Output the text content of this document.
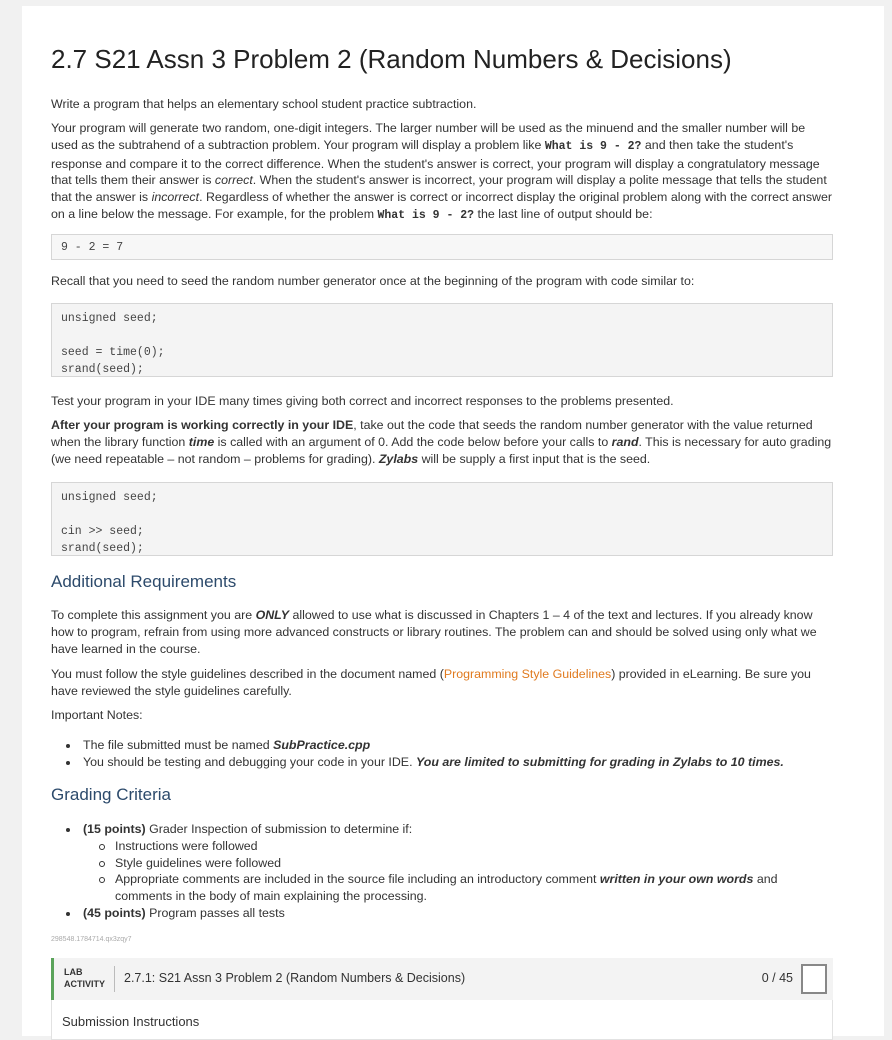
2.7 S21 Assn 3 Problem 2 (Random Numbers & Decisions)

Write a program that helps an elementary school student practice subtraction.

Your program will generate two random, one-digit integers. The larger number will be used as the minuend and the smaller number will be used as the subtrahend of a subtraction problem. Your program will display a problem like What is 9 - 2? and then take the student's response and compare it to the correct difference. When the student's answer is correct, your program will display a congratulatory message that tells them their answer is correct. When the student's answer is incorrect, your program will display a polite message that tells the student that the answer is incorrect. Regardless of whether the answer is correct or incorrect display the original problem along with the correct answer on a line below the message. For example, for the problem What is 9 - 2? the last line of output should be:

9 - 2 = 7

Recall that you need to seed the random number generator once at the beginning of the program with code similar to:

unsigned seed;

seed = time(0);
srand(seed);

Test your program in your IDE many times giving both correct and incorrect responses to the problems presented.

After your program is working correctly in your IDE, take out the code that seeds the random number generator with the value returned when the library function time is called with an argument of 0. Add the code below before your calls to rand. This is necessary for auto grading (we need repeatable – not random – problems for grading). Zylabs will be supply a first input that is the seed.

unsigned seed;

cin >> seed;
srand(seed);
Additional Requirements

To complete this assignment you are ONLY allowed to use what is discussed in Chapters 1 – 4 of the text and lectures. If you already know how to program, refrain from using more advanced constructs or library routines. The problem can and should be solved using only what we have learned in the course.

You must follow the style guidelines described in the document named (Programming Style Guidelines) provided in eLearning. Be sure you have reviewed the style guidelines carefully.

Important Notes:

The file submitted must be named SubPractice.cpp
You should be testing and debugging your code in your IDE. You are limited to submitting for grading in Zylabs to 10 times.
Grading Criteria
(15 points) Grader Inspection of submission to determine if:
Instructions were followed
Style guidelines were followed
Appropriate comments are included in the source file including an introductory comment written in your own words and comments in the body of main explaining the processing.
(45 points) Program passes all tests
298548.1784714.qx3zqy7
LAB
ACTIVITY 2.7.1: S21 Assn 3 Problem 2 (Random Numbers & Decisions)	0 / 45
Submission Instructions
